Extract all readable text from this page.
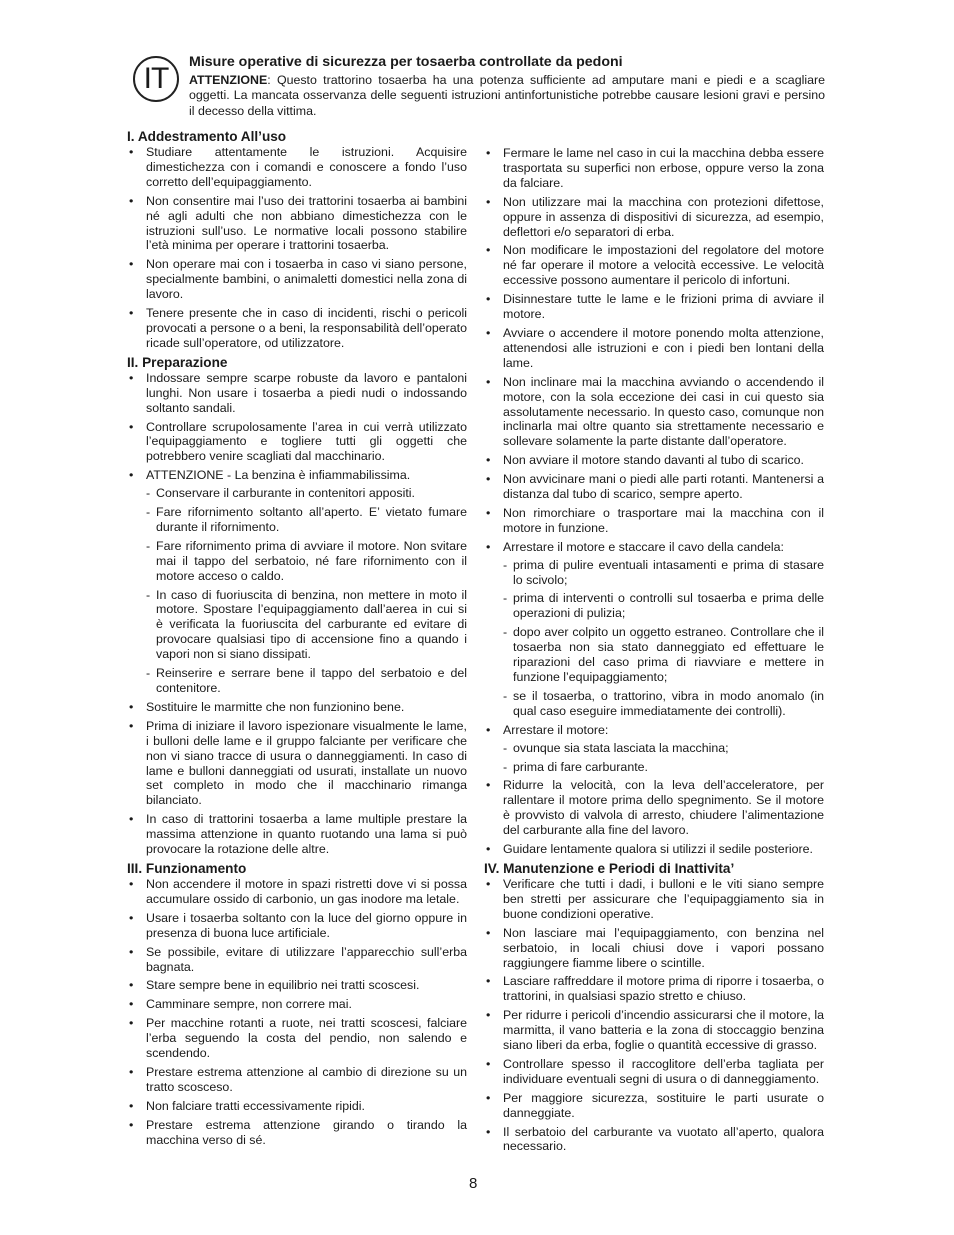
IT	Misure operative di sicurezza per tosaerba controllate da pedoni

ATTENZIONE: Questo trattorino tosaerba ha una potenza sufficiente ad amputare mani e piedi e a scagliare oggetti. La mancata osservanza delle seguenti istruzioni antinfortunistiche potrebbe causare lesioni gravi e persino il decesso della vittima.

I. Addestramento All’uso
• Studiare attentamente le istruzioni. Acquisire dimestichezza con i comandi e conoscere a fondo l’uso corretto dell’equipaggiamento.
• Non consentire mai l’uso dei trattorini tosaerba ai bambini né agli adulti che non abbiano dimestichezza con le istruzioni sull’uso. Le normative locali possono stabilire l’età minima per operare i trattorini tosaerba.
• Non operare mai con i tosaerba in caso vi siano persone, specialmente bambini, o animaletti domestici nella zona di lavoro.
• Tenere presente che in caso di incidenti, rischi o pericoli provocati a persone o a beni, la responsabilità dell’operato ricade sull’operatore, od utilizzatore.
II. Preparazione
• Indossare sempre scarpe robuste da lavoro e pantaloni lunghi. Non usare i tosaerba a piedi nudi o indossando soltanto sandali.
• Controllare scrupolosamente l’area in cui verrà utilizzato l’equipaggiamento e togliere tutti gli oggetti che potrebbero venire scagliati dal macchinario.
• ATTENZIONE - La benzina è infiammabilissima.
- Conservare il carburante in contenitori appositi.
- Fare rifornimento soltanto all’aperto. E’ vietato fumare durante il rifornimento.
- Fare rifornimento prima di avviare il motore. Non svitare mai il tappo del serbatoio, né fare rifornimento con il motore acceso o caldo.
- In caso di fuoriuscita di benzina, non mettere in moto il motore. Spostare l’equipaggiamento dall’aerea in cui si è verificata la fuoriuscita del carburante ed evitare di provocare qualsiasi tipo di accensione fino a quando i vapori non si siano dissipati.
- Reinserire e serrare bene il tappo del serbatoio e del contenitore.
• Sostituire le marmitte che non funzionino bene.
• Prima di iniziare il lavoro ispezionare visualmente le lame, i bulloni delle lame e il gruppo falciante per verificare che non vi siano tracce di usura o danneggiamenti. In caso di lame e bulloni danneggiati od usurati, installate un nuovo set completo in modo che il macchinario rimanga bilanciato.
• In caso di trattorini tosaerba a lame multiple prestare la massima attenzione in quanto ruotando una lama si può provocare la rotazione delle altre.
III. Funzionamento
• Non accendere il motore in spazi ristretti dove vi si possa accumulare ossido di carbonio, un gas inodore ma letale.
• Usare i tosaerba soltanto con la luce del giorno oppure in presenza di buona luce artificiale.
• Se possibile, evitare di utilizzare l’apparecchio sull’erba bagnata.
• Stare sempre bene in equilibrio nei tratti scoscesi.
• Camminare sempre, non correre mai.
• Per macchine rotanti a ruote, nei tratti scoscesi, falciare l’erba seguendo la costa del pendio, non salendo e scendendo.
• Prestare estrema attenzione al cambio di direzione su un tratto scosceso.
• Non falciare tratti eccessivamente ripidi.
• Prestare estrema attenzione girando o tirando la macchina verso di sé.
• Fermare le lame nel caso in cui la macchina debba essere trasportata su superfici non erbose, oppure verso la zona da falciare.
• Non utilizzare mai la macchina con protezioni difettose, oppure in assenza di dispositivi di sicurezza, ad esempio, deflettori e/o separatori di erba.
• Non modificare le impostazioni del regolatore del motore né far operare il motore a velocità eccessive. Le velocità eccessive possono aumentare il pericolo di infortuni.
• Disinnestare tutte le lame e le frizioni prima di avviare il motore.
• Avviare o accendere il motore ponendo molta attenzione, attenendosi alle istruzioni e con i piedi ben lontani della lame.
• Non inclinare mai la macchina avviando o accendendo il motore, con la sola eccezione dei casi in cui questo sia assolutamente necessario. In questo caso, comunque non inclinarla mai oltre quanto sia strettamente necessario e sollevare solamente la parte distante dall’operatore.
• Non avviare il motore stando davanti al tubo di scarico.
• Non avvicinare mani o piedi alle parti rotanti. Mantenersi a distanza dal tubo di scarico, sempre aperto.
• Non rimorchiare o trasportare mai la macchina con il motore in funzione.
• Arrestare il motore e staccare il cavo della candela:
- prima di pulire eventuali intasamenti e prima di stasare lo scivolo;
- prima di interventi o controlli sul tosaerba e prima delle operazioni di pulizia;
- dopo aver colpito un oggetto estraneo. Controllare che il tosaerba non sia stato danneggiato ed effettuare le riparazioni del caso prima di riavviare e mettere in funzione l’equipaggiamento;
- se il tosaerba, o trattorino, vibra in modo anomalo (in qual caso eseguire immediatamente dei controlli).
• Arrestare il motore:
- ovunque sia stata lasciata la macchina;
- prima di fare carburante.
• Ridurre la velocità, con la leva dell’acceleratore, per rallentare il motore prima dello spegnimento. Se il motore è provvisto di valvola di arresto, chiudere l’alimentazione del carburante alla fine del lavoro.
• Guidare lentamente qualora si utilizzi il sedile posteriore.
IV. Manutenzione e Periodi di Inattivita’
• Verificare che tutti i dadi, i bulloni e le viti siano sempre ben stretti per assicurare che l’equipaggiamento sia in buone condizioni operative.
• Non lasciare mai l’equipaggiamento, con benzina nel serbatoio, in locali chiusi dove i vapori possano raggiungere fiamme libere o scintille.
• Lasciare raffreddare il motore prima di riporre i tosaerba, o trattorini, in qualsiasi spazio stretto e chiuso.
• Per ridurre i pericoli d’incendio assicurarsi che il motore, la marmitta, il vano batteria e la zona di stoccaggio benzina siano liberi da erba, foglie o quantità eccessive di grasso.
• Controllare spesso il raccoglitore dell’erba tagliata per individuare eventuali segni di usura o di danneggiamento.
• Per maggiore sicurezza, sostituire le parti usurate o danneggiate.
• Il serbatoio del carburante va vuotato all’aperto, qualora necessario.
8
